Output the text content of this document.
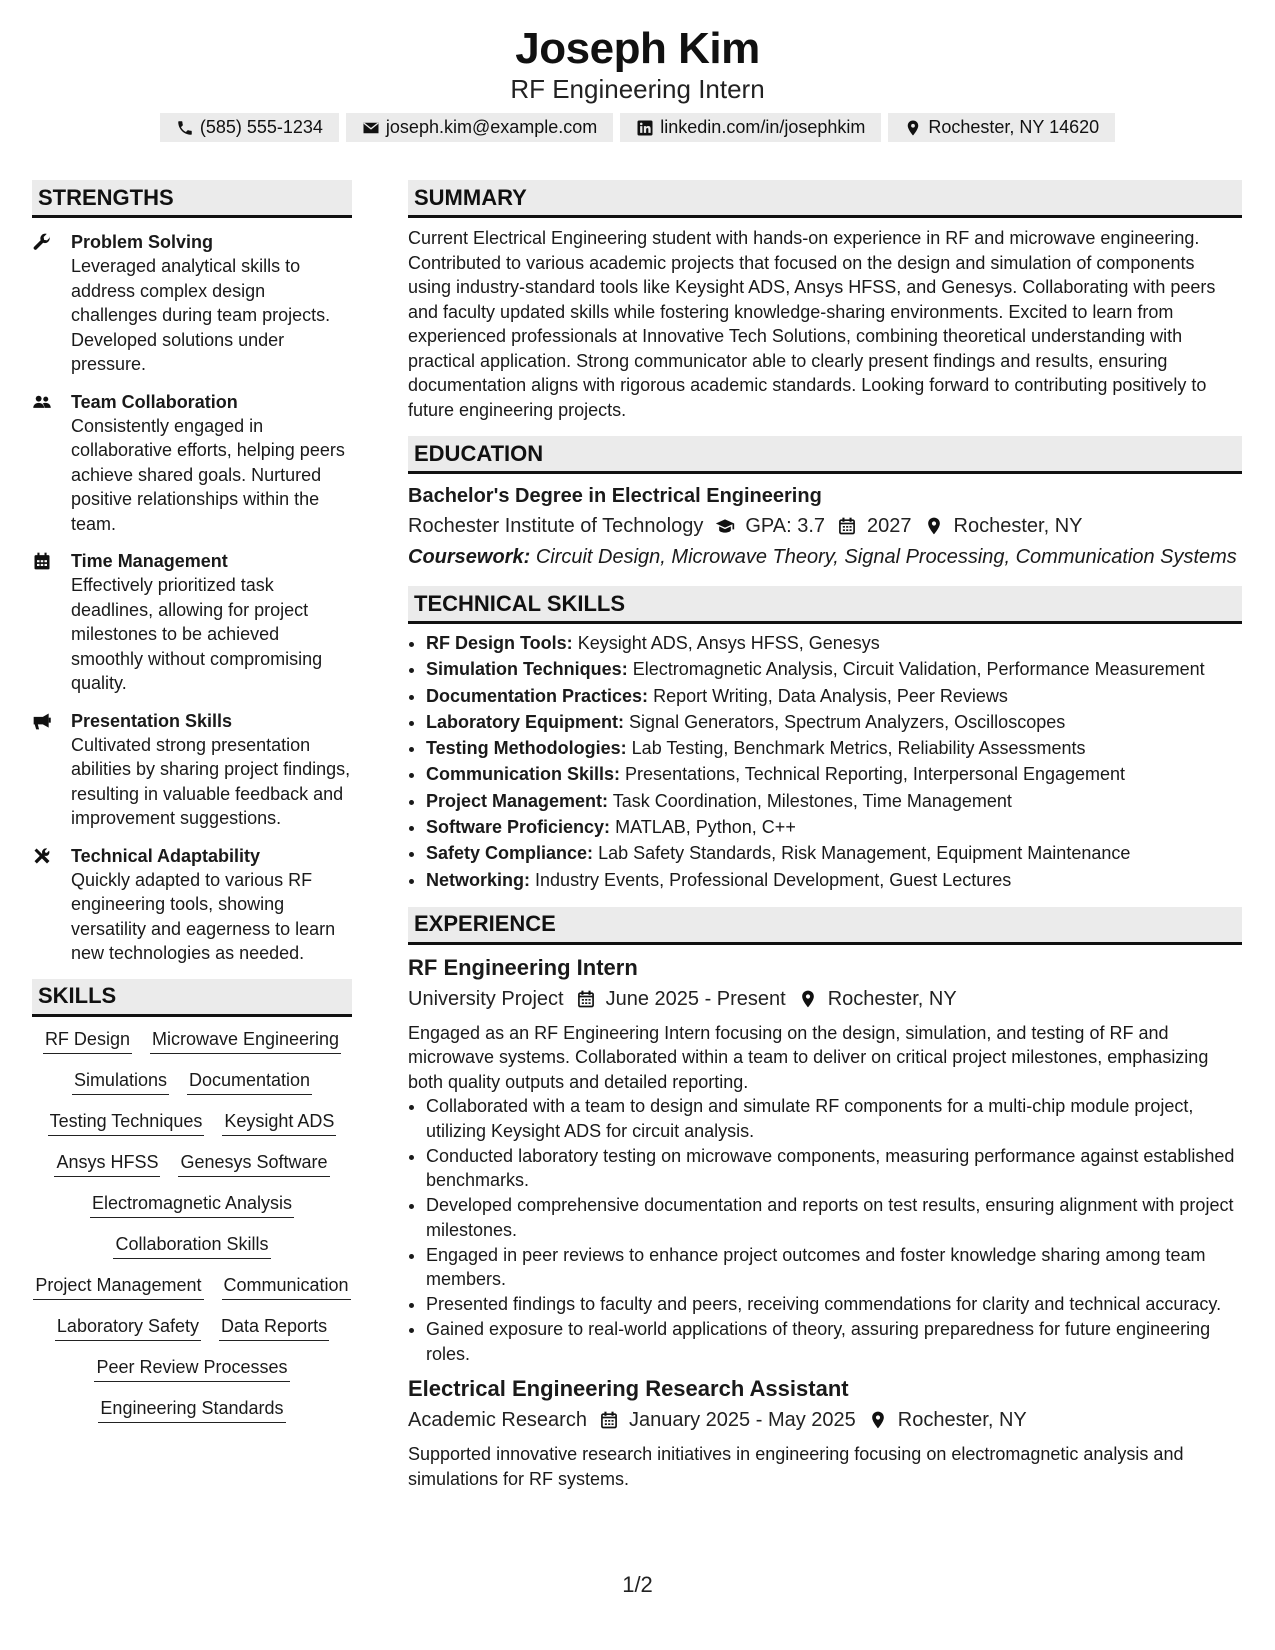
Joseph Kim
RF Engineering Intern
(585) 555-1234	joseph.kim@example.com	linkedin.com/in/josephkim	Rochester, NY 14620
STRENGTHS
Problem Solving
Leveraged analytical skills to address complex design challenges during team projects. Developed solutions under pressure.
Team Collaboration
Consistently engaged in collaborative efforts, helping peers achieve shared goals. Nurtured positive relationships within the team.
Time Management
Effectively prioritized task deadlines, allowing for project milestones to be achieved smoothly without compromising quality.
Presentation Skills
Cultivated strong presentation abilities by sharing project findings, resulting in valuable feedback and improvement suggestions.
Technical Adaptability
Quickly adapted to various RF engineering tools, showing versatility and eagerness to learn new technologies as needed.
SKILLS
RF Design Microwave Engineering
Simulations Documentation
Testing Techniques Keysight ADS
Ansys HFSS Genesys Software
Electromagnetic Analysis
Collaboration Skills
Project Management Communication
Laboratory Safety Data Reports
Peer Review Processes
Engineering Standards
SUMMARY
Current Electrical Engineering student with hands-on experience in RF and microwave engineering. Contributed to various academic projects that focused on the design and simulation of components using industry-standard tools like Keysight ADS, Ansys HFSS, and Genesys. Collaborating with peers and faculty updated skills while fostering knowledge-sharing environments. Excited to learn from experienced professionals at Innovative Tech Solutions, combining theoretical understanding with practical application. Strong communicator able to clearly present findings and results, ensuring documentation aligns with rigorous academic standards. Looking forward to contributing positively to future engineering projects.
EDUCATION
Bachelor's Degree in Electrical Engineering
Rochester Institute of Technology GPA: 3.7 2027 Rochester, NY
Coursework: Circuit Design, Microwave Theory, Signal Processing, Communication Systems
TECHNICAL SKILLS
• RF Design Tools: Keysight ADS, Ansys HFSS, Genesys
• Simulation Techniques: Electromagnetic Analysis, Circuit Validation, Performance Measurement
• Documentation Practices: Report Writing, Data Analysis, Peer Reviews
• Laboratory Equipment: Signal Generators, Spectrum Analyzers, Oscilloscopes
• Testing Methodologies: Lab Testing, Benchmark Metrics, Reliability Assessments
• Communication Skills: Presentations, Technical Reporting, Interpersonal Engagement
• Project Management: Task Coordination, Milestones, Time Management
• Software Proficiency: MATLAB, Python, C++
• Safety Compliance: Lab Safety Standards, Risk Management, Equipment Maintenance
• Networking: Industry Events, Professional Development, Guest Lectures
EXPERIENCE
RF Engineering Intern
University Project June 2025 - Present Rochester, NY
Engaged as an RF Engineering Intern focusing on the design, simulation, and testing of RF and microwave systems. Collaborated within a team to deliver on critical project milestones, emphasizing both quality outputs and detailed reporting.
• Collaborated with a team to design and simulate RF components for a multi-chip module project, utilizing Keysight ADS for circuit analysis.
• Conducted laboratory testing on microwave components, measuring performance against established benchmarks.
• Developed comprehensive documentation and reports on test results, ensuring alignment with project milestones.
• Engaged in peer reviews to enhance project outcomes and foster knowledge sharing among team members.
• Presented findings to faculty and peers, receiving commendations for clarity and technical accuracy.
• Gained exposure to real-world applications of theory, assuring preparedness for future engineering roles.
Electrical Engineering Research Assistant
Academic Research January 2025 - May 2025 Rochester, NY
Supported innovative research initiatives in engineering focusing on electromagnetic analysis and simulations for RF systems.
1/2
